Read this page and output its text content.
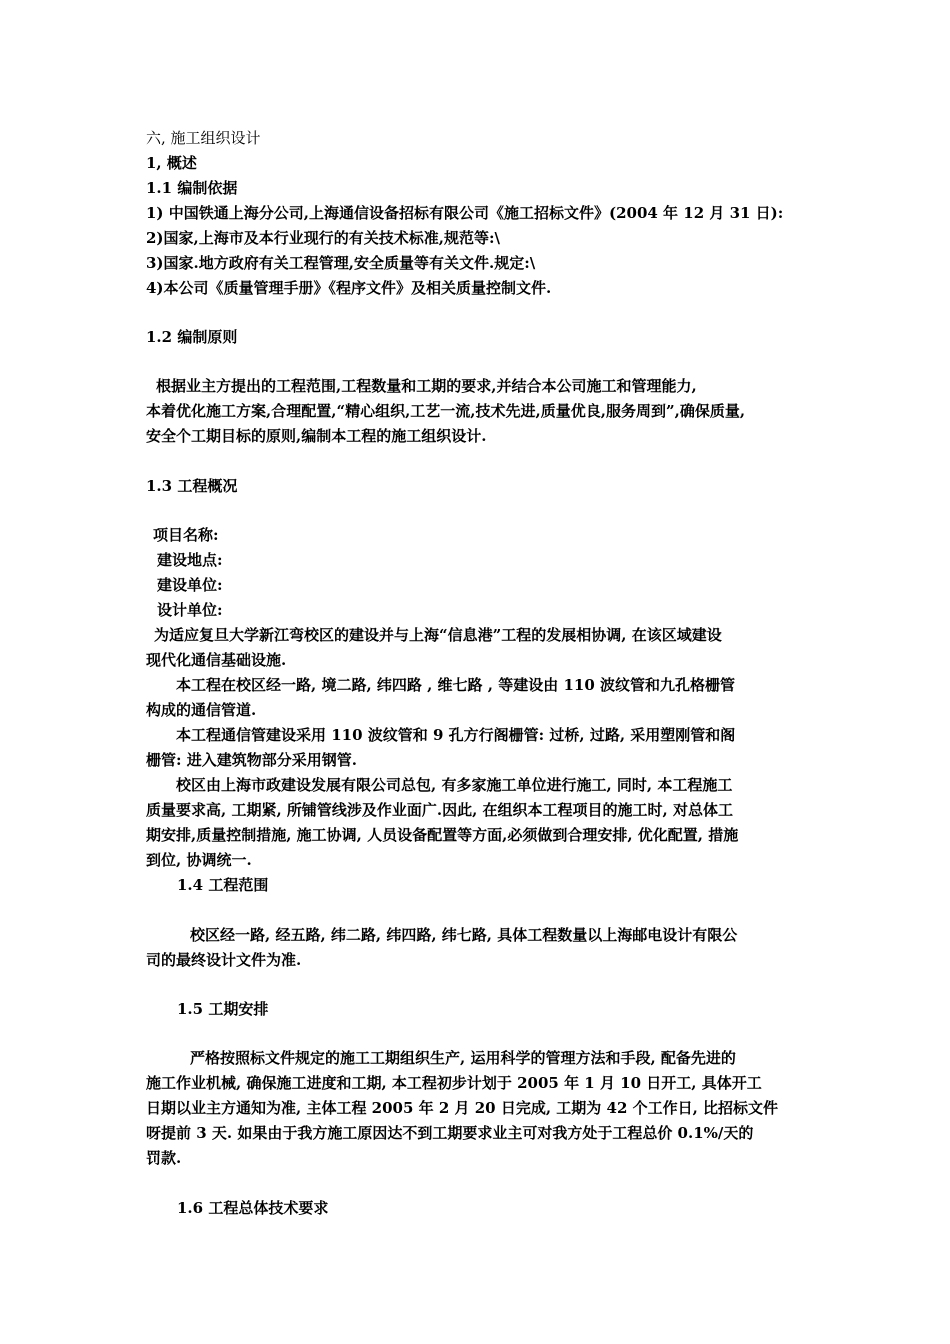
六, 施工组织设计
1, 概述
1.1 编制依据
1) 中国铁通上海分公司,上海通信设备招标有限公司《施工招标文件》(2004 年 12 月 31 日):
2)国家,上海市及本行业现行的有关技术标准,规范等:\
3)国家.地方政府有关工程管理,安全质量等有关文件.规定:\
4)本公司《质量管理手册》《程序文件》及相关质量控制文件.
1.2 编制原则
根据业主方提出的工程范围,工程数量和工期的要求,并结合本公司施工和管理能力,
本着优化施工方案,合理配置,“精心组织,工艺一流,技术先进,质量优良,服务周到”,确保质量,
安全个工期目标的原则,编制本工程的施工组织设计.
1.3 工程概况
项目名称:
建设地点:
建设单位:
设计单位:
为适应复旦大学新江弯校区的建设并与上海“信息港”工程的发展相协调, 在该区域建设
现代化通信基础设施.
本工程在校区经一路, 境二路, 纬四路 , 维七路 , 等建设由 110 波纹管和九孔格栅管
构成的通信管道.
本工程通信管建设采用 110 波纹管和 9 孔方行阁栅管: 过桥, 过路, 采用塑刚管和阁
栅管: 进入建筑物部分采用钢管.
校区由上海市政建设发展有限公司总包, 有多家施工单位进行施工, 同时, 本工程施工
质量要求高, 工期紧, 所铺管线涉及作业面广.因此, 在组织本工程项目的施工时, 对总体工
期安排,质量控制措施, 施工协调, 人员设备配置等方面,必须做到合理安排, 优化配置, 措施
到位, 协调统一.
1.4 工程范围
校区经一路, 经五路, 纬二路, 纬四路, 纬七路, 具体工程数量以上海邮电设计有限公
司的最终设计文件为准.
1.5 工期安排
严格按照标文件规定的施工工期组织生产, 运用科学的管理方法和手段, 配备先进的
施工作业机械, 确保施工进度和工期, 本工程初步计划于 2005 年 1 月 10 日开工, 具体开工
日期以业主方通知为准, 主体工程 2005 年 2 月 20 日完成, 工期为 42 个工作日, 比招标文件
呀提前 3 天. 如果由于我方施工原因达不到工期要求业主可对我方处于工程总价 0.1%/天的
罚款.
1.6 工程总体技术要求
